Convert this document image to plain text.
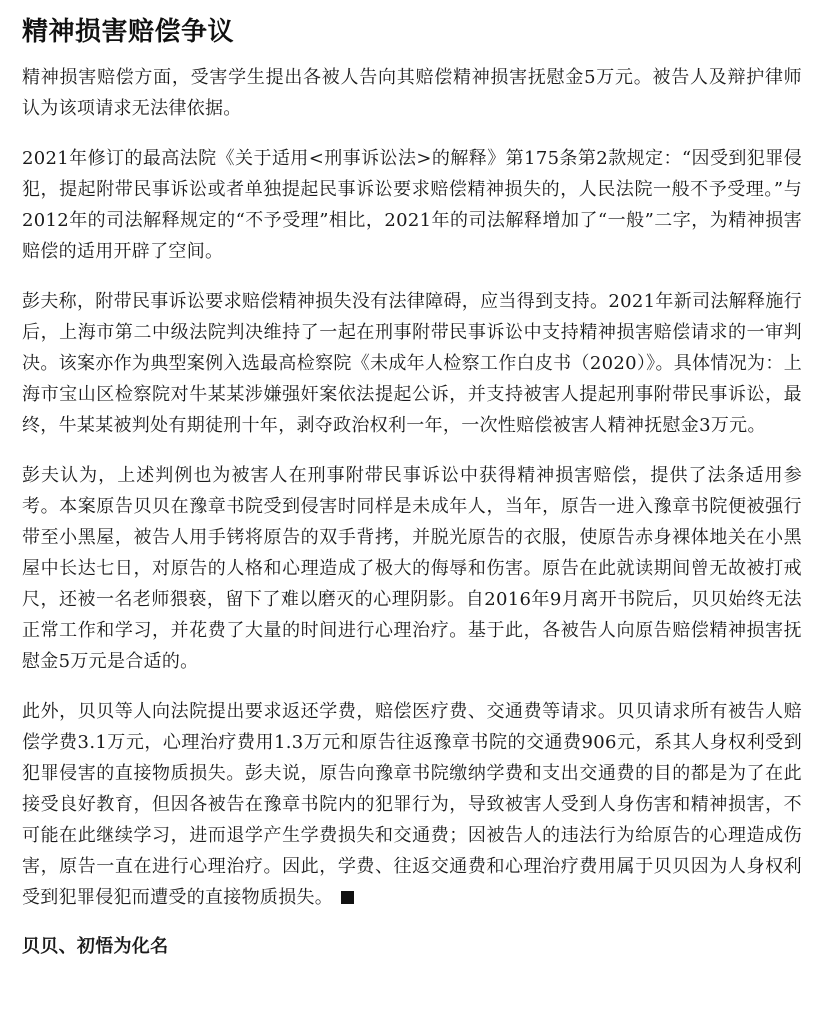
精神损害赔偿争议

精神损害赔偿方面，受害学生提出各被人告向其赔偿精神损害抚慰金5万元。被告人及辩护律师认为该项请求无法律依据。

2021年修订的最高法院《关于适用<刑事诉讼法>的解释》第175条第2款规定：“因受到犯罪侵犯，提起附带民事诉讼或者单独提起民事诉讼要求赔偿精神损失的，人民法院一般不予受理。”与2012年的司法解释规定的“不予受理”相比，2021年的司法解释增加了“一般”二字，为精神损害赔偿的适用开辟了空间。

彭夫称，附带民事诉讼要求赔偿精神损失没有法律障碍，应当得到支持。2021年新司法解释施行后，上海市第二中级法院判决维持了一起在刑事附带民事诉讼中支持精神损害赔偿请求的一审判决。该案亦作为典型案例入选最高检察院《未成年人检察工作白皮书（2020）》。具体情况为：上海市宝山区检察院对牛某某涉嫌强奸案依法提起公诉，并支持被害人提起刑事附带民事诉讼，最终，牛某某被判处有期徒刑十年，剥夺政治权利一年，一次性赔偿被害人精神抚慰金3万元。

彭夫认为，上述判例也为被害人在刑事附带民事诉讼中获得精神损害赔偿，提供了法条适用参考。本案原告贝贝在豫章书院受到侵害时同样是未成年人，当年，原告一进入豫章书院便被强行带至小黑屋，被告人用手铐将原告的双手背拷，并脱光原告的衣服，使原告赤身裸体地关在小黑屋中长达七日，对原告的人格和心理造成了极大的侮辱和伤害。原告在此就读期间曾无故被打戒尺，还被一名老师猥亵，留下了难以磨灭的心理阴影。自2016年9月离开书院后，贝贝始终无法正常工作和学习，并花费了大量的时间进行心理治疗。基于此，各被告人向原告赔偿精神损害抚慰金5万元是合适的。

此外，贝贝等人向法院提出要求返还学费，赔偿医疗费、交通费等请求。贝贝请求所有被告人赔偿学费3.1万元，心理治疗费用1.3万元和原告往返豫章书院的交通费906元，系其人身权利受到犯罪侵害的直接物质损失。彭夫说，原告向豫章书院缴纳学费和支出交通费的目的都是为了在此接受良好教育，但因各被告在豫章书院内的犯罪行为，导致被害人受到人身伤害和精神损害，不可能在此继续学习，进而退学产生学费损失和交通费；因被告人的违法行为给原告的心理造成伤害，原告一直在进行心理治疗。因此，学费、往返交通费和心理治疗费用属于贝贝因为人身权利受到犯罪侵犯而遭受的直接物质损失。

贝贝、初悟为化名
